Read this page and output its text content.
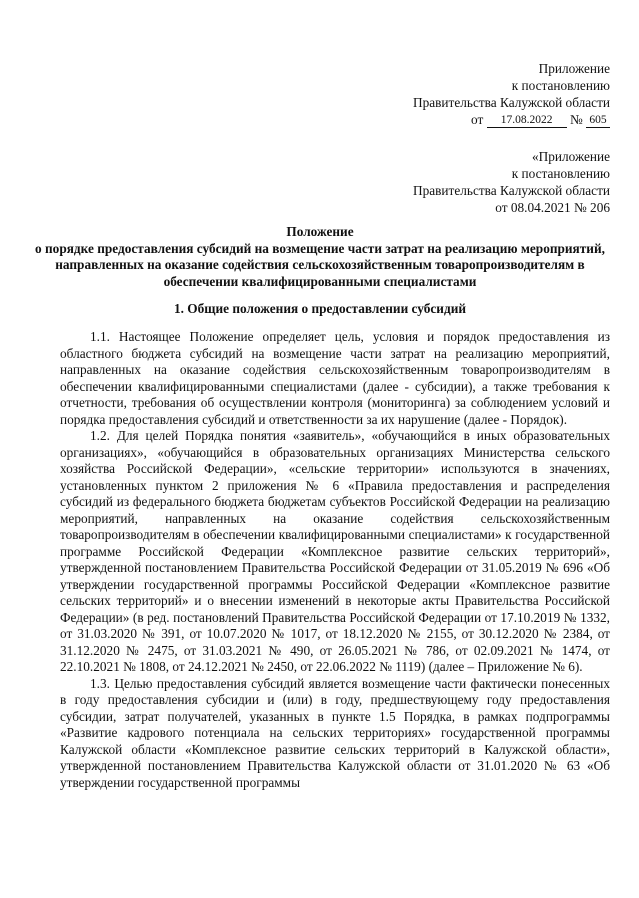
Приложение
к постановлению
Правительства Калужской области
от 17.08.2022 № 605
«Приложение
к постановлению
Правительства Калужской области
от 08.04.2021 № 206
Положение
о порядке предоставления субсидий на возмещение части затрат на реализацию мероприятий, направленных на оказание содействия сельскохозяйственным товаропроизводителям в обеспечении квалифицированными специалистами
1. Общие положения о предоставлении субсидий

1.1. Настоящее Положение определяет цель, условия и порядок предоставления из областного бюджета субсидий на возмещение части затрат на реализацию мероприятий, направленных на оказание содействия сельскохозяйственным товаропроизводителям в обеспечении квалифицированными специалистами (далее - субсидии), а также требования к отчетности, требования об осуществлении контроля (мониторинга) за соблюдением условий и порядка предоставления субсидий и ответственности за их нарушение (далее - Порядок).

1.2. Для целей Порядка понятия «заявитель», «обучающийся в иных образовательных организациях», «обучающийся в образовательных организациях Министерства сельского хозяйства Российской Федерации», «сельские территории» используются в значениях, установленных пунктом 2 приложения № 6 «Правила предоставления и распределения субсидий из федерального бюджета бюджетам субъектов Российской Федерации на реализацию мероприятий, направленных на оказание содействия сельскохозяйственным товаропроизводителям в обеспечении квалифицированными специалистами» к государственной программе Российской Федерации «Комплексное развитие сельских территорий», утвержденной постановлением Правительства Российской Федерации от 31.05.2019 № 696 «Об утверждении государственной программы Российской Федерации «Комплексное развитие сельских территорий» и о внесении изменений в некоторые акты Правительства Российской Федерации» (в ред. постановлений Правительства Российской Федерации от 17.10.2019 № 1332, от 31.03.2020 № 391, от 10.07.2020 № 1017, от 18.12.2020 № 2155, от 30.12.2020 № 2384, от 31.12.2020 № 2475, от 31.03.2021 № 490, от 26.05.2021 № 786, от 02.09.2021 № 1474, от 22.10.2021 № 1808, от 24.12.2021 № 2450, от 22.06.2022 № 1119) (далее – Приложение № 6).

1.3. Целью предоставления субсидий является возмещение части фактически понесенных в году предоставления субсидии и (или) в году, предшествующему году предоставления субсидии, затрат получателей, указанных в пункте 1.5 Порядка, в рамках подпрограммы «Развитие кадрового потенциала на сельских территориях» государственной программы Калужской области «Комплексное развитие сельских территорий в Калужской области», утвержденной постановлением Правительства Калужской области от 31.01.2020 № 63 «Об утверждении государственной программы
